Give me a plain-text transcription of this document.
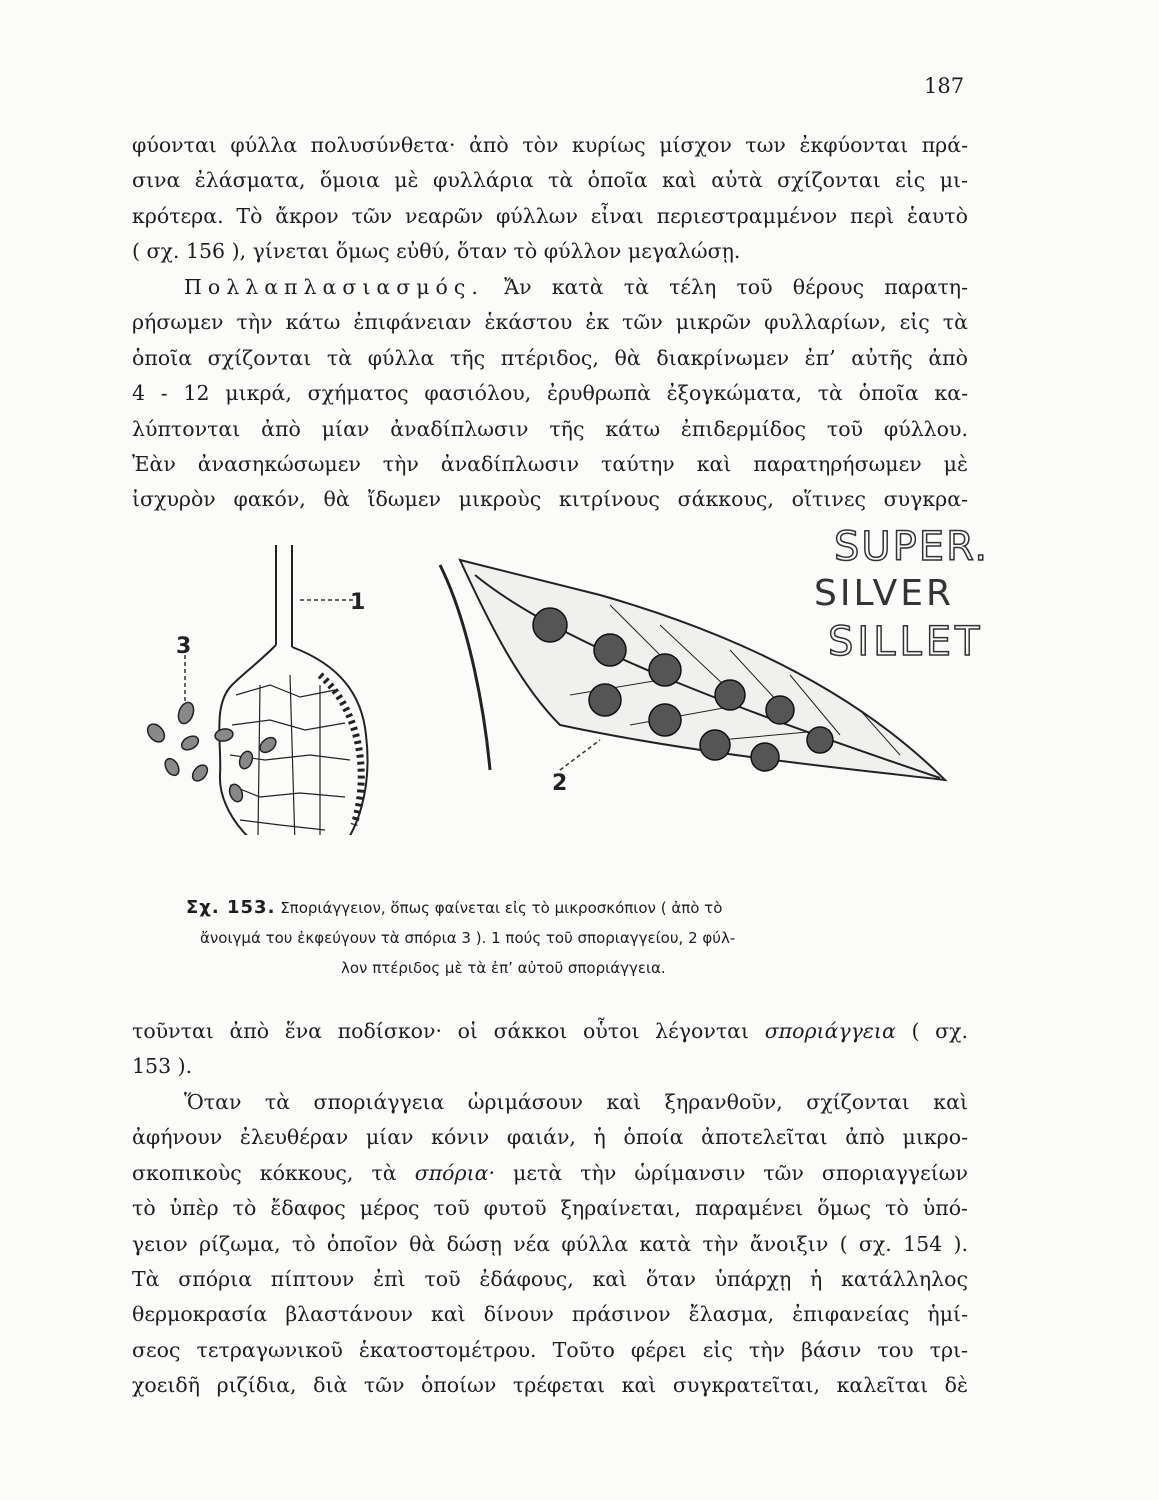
187
φύονται φύλλα πολυσύνθετα· ἀπὸ τὸν κυρίως μίσχον των ἐκφύονται πρά-
σινα ἐλάσματα, ὅμοια μὲ φυλλάρια τὰ ὁποῖα καὶ αὐτὰ σχίζονται εἰς μι-
κρότερα. Τὸ ἄκρον τῶν νεαρῶν φύλλων εἶναι περιεστραμμένον περὶ ἑαυτὸ
( σχ. 156 ), γίνεται ὅμως εὐθύ, ὅταν τὸ φύλλον μεγαλώσῃ.
Πολλαπλασιασμός. Ἄν κατὰ τὰ τέλη τοῦ θέρους παρατη-
ρήσωμεν τὴν κάτω ἐπιφάνειαν ἑκάστου ἐκ τῶν μικρῶν φυλλαρίων, εἰς τὰ
ὁποῖα σχίζονται τὰ φύλλα τῆς πτέριδος, θὰ διακρίνωμεν ἐπ’ αὐτῆς ἀπὸ
4 - 12 μικρά, σχήματος φασιόλου, ἐρυθρωπὰ ἐξογκώματα, τὰ ὁποῖα κα-
λύπτονται ἀπὸ μίαν ἀναδίπλωσιν τῆς κάτω ἐπιδερμίδος τοῦ φύλλου.
Ἐὰν ἀνασηκώσωμεν τὴν ἀναδίπλωσιν ταύτην καὶ παρατηρήσωμεν μὲ
ἰσχυρὸν φακόν, θὰ ἴδωμεν μικροὺς κιτρίνους σάκκους, οἵτινες συγκρα-
1
3
2
SUPER.
SILVER
SILLET
Σχ. 153. Σποριάγγειον, ὅπως φαίνεται εἰς τὸ μικροσκόπιον ( ἀπὸ τὸ
ἄνοιγμά του ἐκφεύγουν τὰ σπόρια 3 ). 1 πούς τοῦ σποριαγγείου, 2 φύλ-
λον πτέριδος μὲ τὰ ἐπ’ αὐτοῦ σποριάγγεια.
τοῦνται ἀπὸ ἕνα ποδίσκον· οἱ σάκκοι οὗτοι λέγονται σποριάγγεια ( σχ.
153 ).
Ὅταν τὰ σποριάγγεια ὡριμάσουν καὶ ξηρανθοῦν, σχίζονται καὶ
ἀφήνουν ἐλευθέραν μίαν κόνιν φαιάν, ἡ ὁποία ἀποτελεῖται ἀπὸ μικρο-
σκοπικοὺς κόκκους, τὰ σπόρια· μετὰ τὴν ὡρίμανσιν τῶν σποριαγγείων
τὸ ὑπὲρ τὸ ἔδαφος μέρος τοῦ φυτοῦ ξηραίνεται, παραμένει ὅμως τὸ ὑπό-
γειον ρίζωμα, τὸ ὁποῖον θὰ δώσῃ νέα φύλλα κατὰ τὴν ἄνοιξιν ( σχ. 154 ).
Τὰ σπόρια πίπτουν ἐπὶ τοῦ ἐδάφους, καὶ ὅταν ὑπάρχῃ ἡ κατάλληλος
θερμοκρασία βλαστάνουν καὶ δίνουν πράσινον ἔλασμα, ἐπιφανείας ἡμί-
σεος τετραγωνικοῦ ἑκατοστομέτρου. Τοῦτο φέρει εἰς τὴν βάσιν του τρι-
χοειδῆ ριζίδια, διὰ τῶν ὁποίων τρέφεται καὶ συγκρατεῖται, καλεῖται δὲ
